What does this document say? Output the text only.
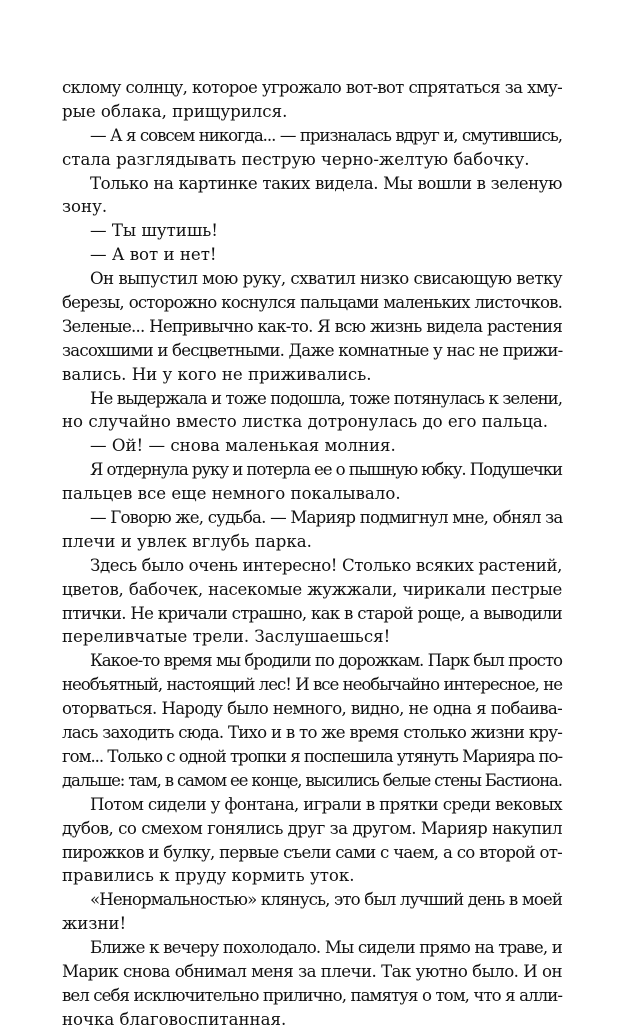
склому солнцу, которое угрожало вот-вот спрятаться за хму-
рые облака, прищурился.
— А я совсем никогда... — призналась вдруг и, смутившись,
стала разглядывать пеструю черно-желтую бабочку.
Только на картинке таких видела. Мы вошли в зеленую
зону.
— Ты шутишь!
— А вот и нет!
Он выпустил мою руку, схватил низко свисающую ветку
березы, осторожно коснулся пальцами маленьких листочков.
Зеленые... Непривычно как-то. Я всю жизнь видела растения
засохшими и бесцветными. Даже комнатные у нас не прижи-
вались. Ни у кого не приживались.
Не выдержала и тоже подошла, тоже потянулась к зелени,
но случайно вместо листка дотронулась до его пальца.
— Ой! — снова маленькая молния.
Я отдернула руку и потерла ее о пышную юбку. Подушечки
пальцев все еще немного покалывало.
— Говорю же, судьба. — Марияр подмигнул мне, обнял за
плечи и увлек вглубь парка.
Здесь было очень интересно! Столько всяких растений,
цветов, бабочек, насекомые жужжали, чирикали пестрые
птички. Не кричали страшно, как в старой роще, а выводили
переливчатые трели. Заслушаешься!
Какое-то время мы бродили по дорожкам. Парк был просто
необъятный, настоящий лес! И все необычайно интересное, не
оторваться. Народу было немного, видно, не одна я побаива-
лась заходить сюда. Тихо и в то же время столько жизни кру-
гом... Только с одной тропки я поспешила утянуть Марияра по-
дальше: там, в самом ее конце, высились белые стены Бастиона.
Потом сидели у фонтана, играли в прятки среди вековых
дубов, со смехом гонялись друг за другом. Марияр накупил
пирожков и булку, первые съели сами с чаем, а со второй от-
правились к пруду кормить уток.
«Ненормальностью» клянусь, это был лучший день в моей
жизни!
Ближе к вечеру похолодало. Мы сидели прямо на траве, и
Марик снова обнимал меня за плечи. Так уютно было. И он
вел себя исключительно прилично, памятуя о том, что я алли-
ночка благовоспитанная.
